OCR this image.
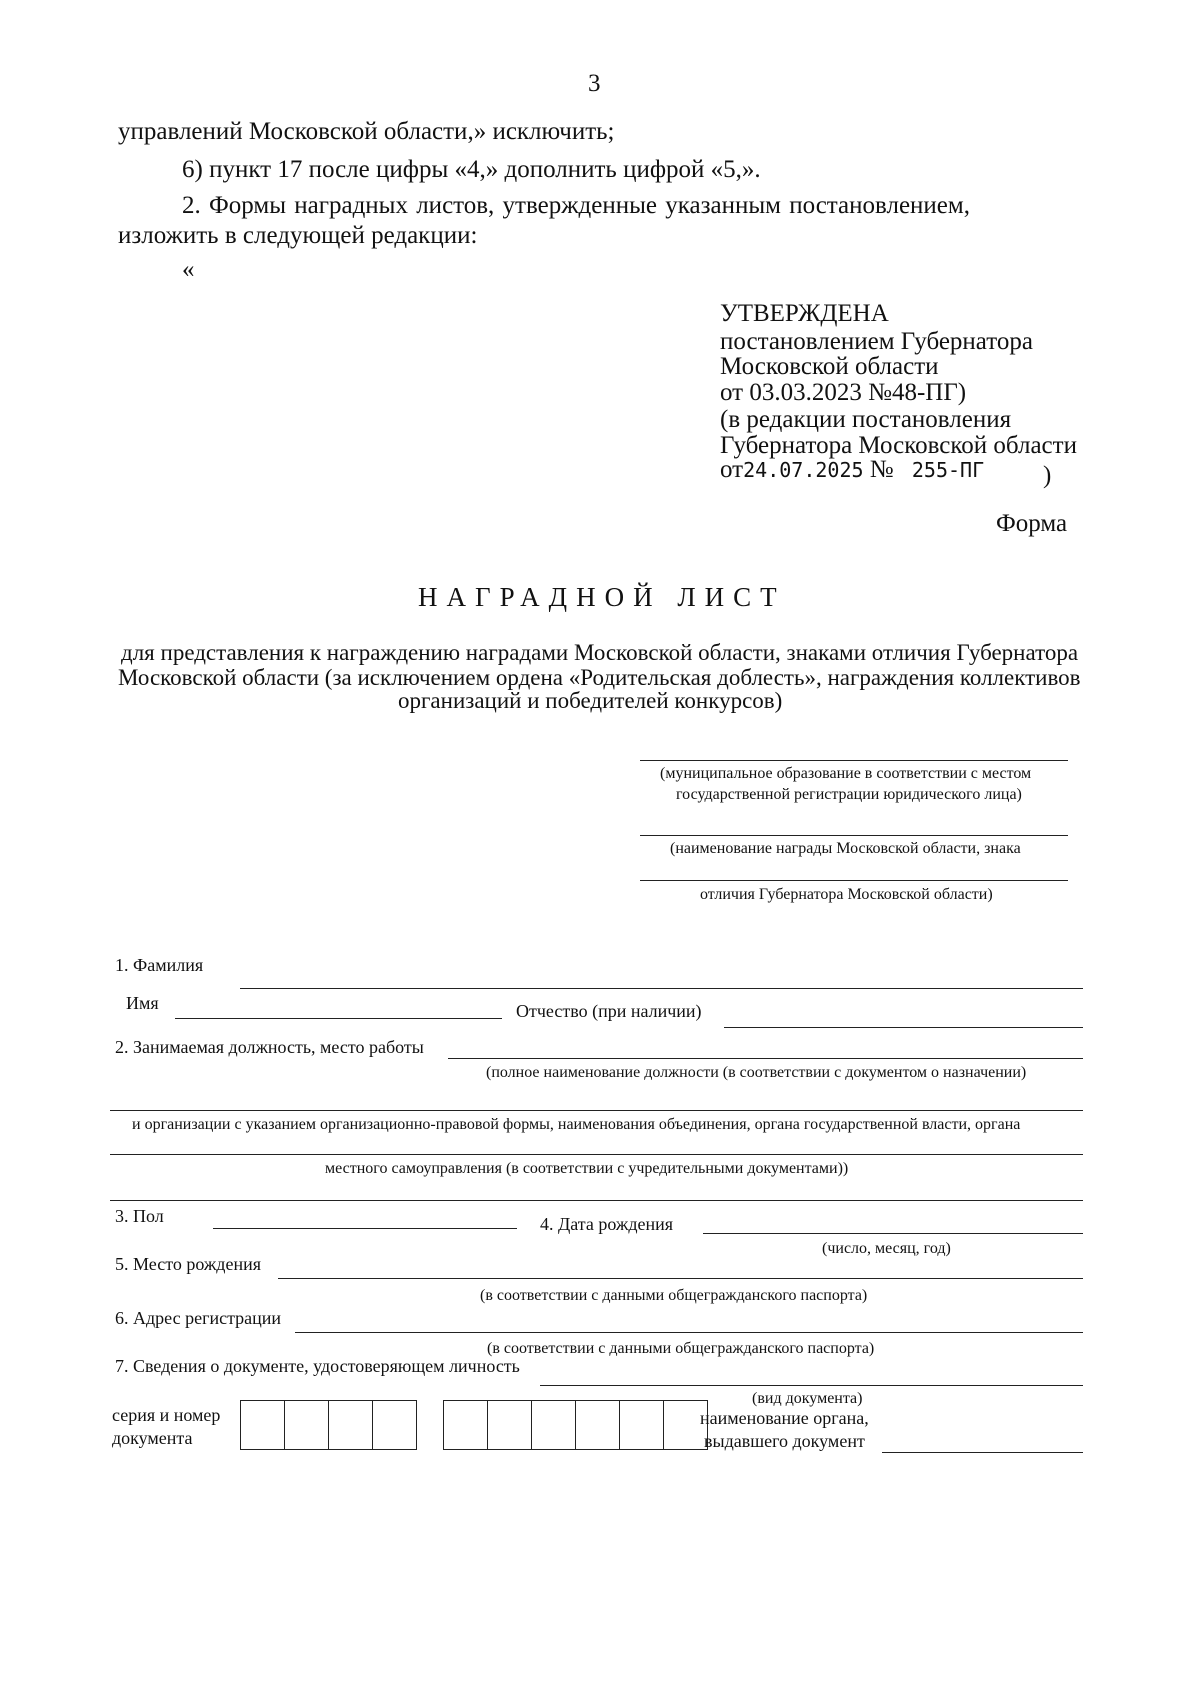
3
управлений Московской области,» исключить;
6) пункт 17 после цифры «4,» дополнить цифрой «5,».
2. Формы наградных листов, утвержденные указанным постановлением,
изложить в следующей редакции:
«
УТВЕРЖДЕНА
постановлением Губернатора
Московской области
от 03.03.2023 №48-ПГ)
(в редакции постановления
Губернатора Московской области
от24.07.2025 № 255-ПГ )
Форма
НАГРАДНОЙ ЛИСТ
для представления к награждению наградами Московской области, знаками отличия Губернатора
Московской области (за исключением ордена «Родительская доблесть», награждения коллективов
организаций и победителей конкурсов)
(муниципальное образование в соответствии с местом
государственной регистрации юридического лица)
(наименование награды Московской области, знака
отличия Губернатора Московской области)
1. Фамилия
Имя	Отчество (при наличии)
2. Занимаемая должность, место работы
(полное наименование должности (в соответствии с документом о назначении)
и организации с указанием организационно-правовой формы, наименования объединения, органа государственной власти, органа
местного самоуправления (в соответствии с учредительными документами))
3. Пол	4. Дата рождения
(число, месяц, год)
5. Место рождения
(в соответствии с данными общегражданского паспорта)
6. Адрес регистрации
(в соответствии с данными общегражданского паспорта)
7. Сведения о документе, удостоверяющем личность
(вид документа)
серия и номер
документа
наименование органа,
выдавшего документ
